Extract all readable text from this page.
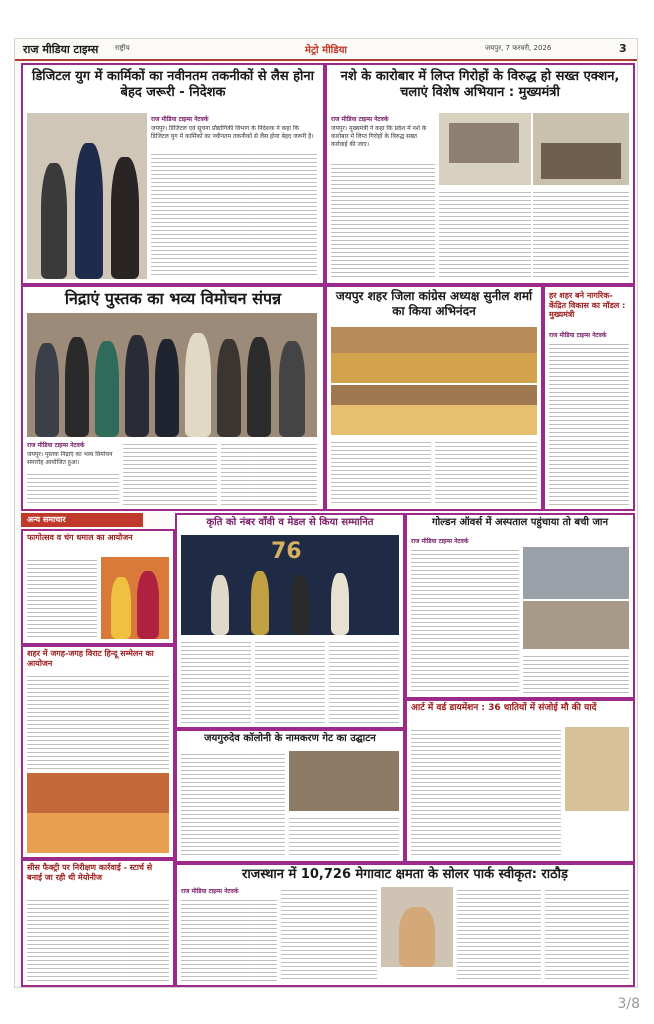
राज मीडिया टाइम्स राष्ट्रीय	मेट्रो मीडिया	जयपुर, 7 फरवरी, 2026	3
डिजिटल युग में कार्मिकों का नवीनतम तकनीकों से लैस होना बेहद जरूरी - निदेशक
राज मीडिया टाइम्स नेटवर्क
जयपुर। डिजिटल एवं सूचना प्रौद्योगिकी विभाग के निदेशक ने कहा कि डिजिटल युग में कार्मिकों का नवीनतम तकनीकों से लैस होना बेहद जरूरी है।
नशे के कारोबार में लिप्त गिरोहों के विरुद्ध हो सख्त एक्शन, चलाएं विशेष अभियान : मुख्यमंत्री
राज मीडिया टाइम्स नेटवर्क
जयपुर। मुख्यमंत्री ने कहा कि प्रदेश में नशे के कारोबार में लिप्त गिरोहों के विरुद्ध सख्त कार्रवाई की जाए।
निद्राएं पुस्तक का भव्य विमोचन संपन्न
राज मीडिया टाइम्स नेटवर्क
जयपुर। पुस्तक निद्राएं का भव्य विमोचन समारोह आयोजित हुआ।
जयपुर शहर जिला कांग्रेस अध्यक्ष सुनील शर्मा का किया अभिनंदन
हर शहर बने नागरिक-केंद्रित विकास का मॉडल : मुख्यमंत्री
राज मीडिया टाइम्स नेटवर्क
अन्य समाचार
फागोत्सव व चंग धमाल का आयोजन
शहर में जगह-जगह विराट हिन्दू सम्मेलन का आयोजन
सीस फैक्ट्री पर निरीक्षण कार्रवाई - स्टार्च से बनाई जा रही थी मेयोनीज
कृति को नंबर वाँवी व मेडल से किया सम्मानित
76
गोल्डन ऑवर्स में अस्पताल पहुंचाया तो बची जान
राज मीडिया टाइम्स नेटवर्क
जयगुरुदेव कॉलोनी के नामकरण गेट का उद्घाटन
आर्ट में वर्ड डायमेंशन : 36 धातियों में संजोई मौ की यादें
राजस्थान में 10,726 मेगावाट क्षमता के सोलर पार्क स्वीकृत: राठौड़
राज मीडिया टाइम्स नेटवर्क
3/8
